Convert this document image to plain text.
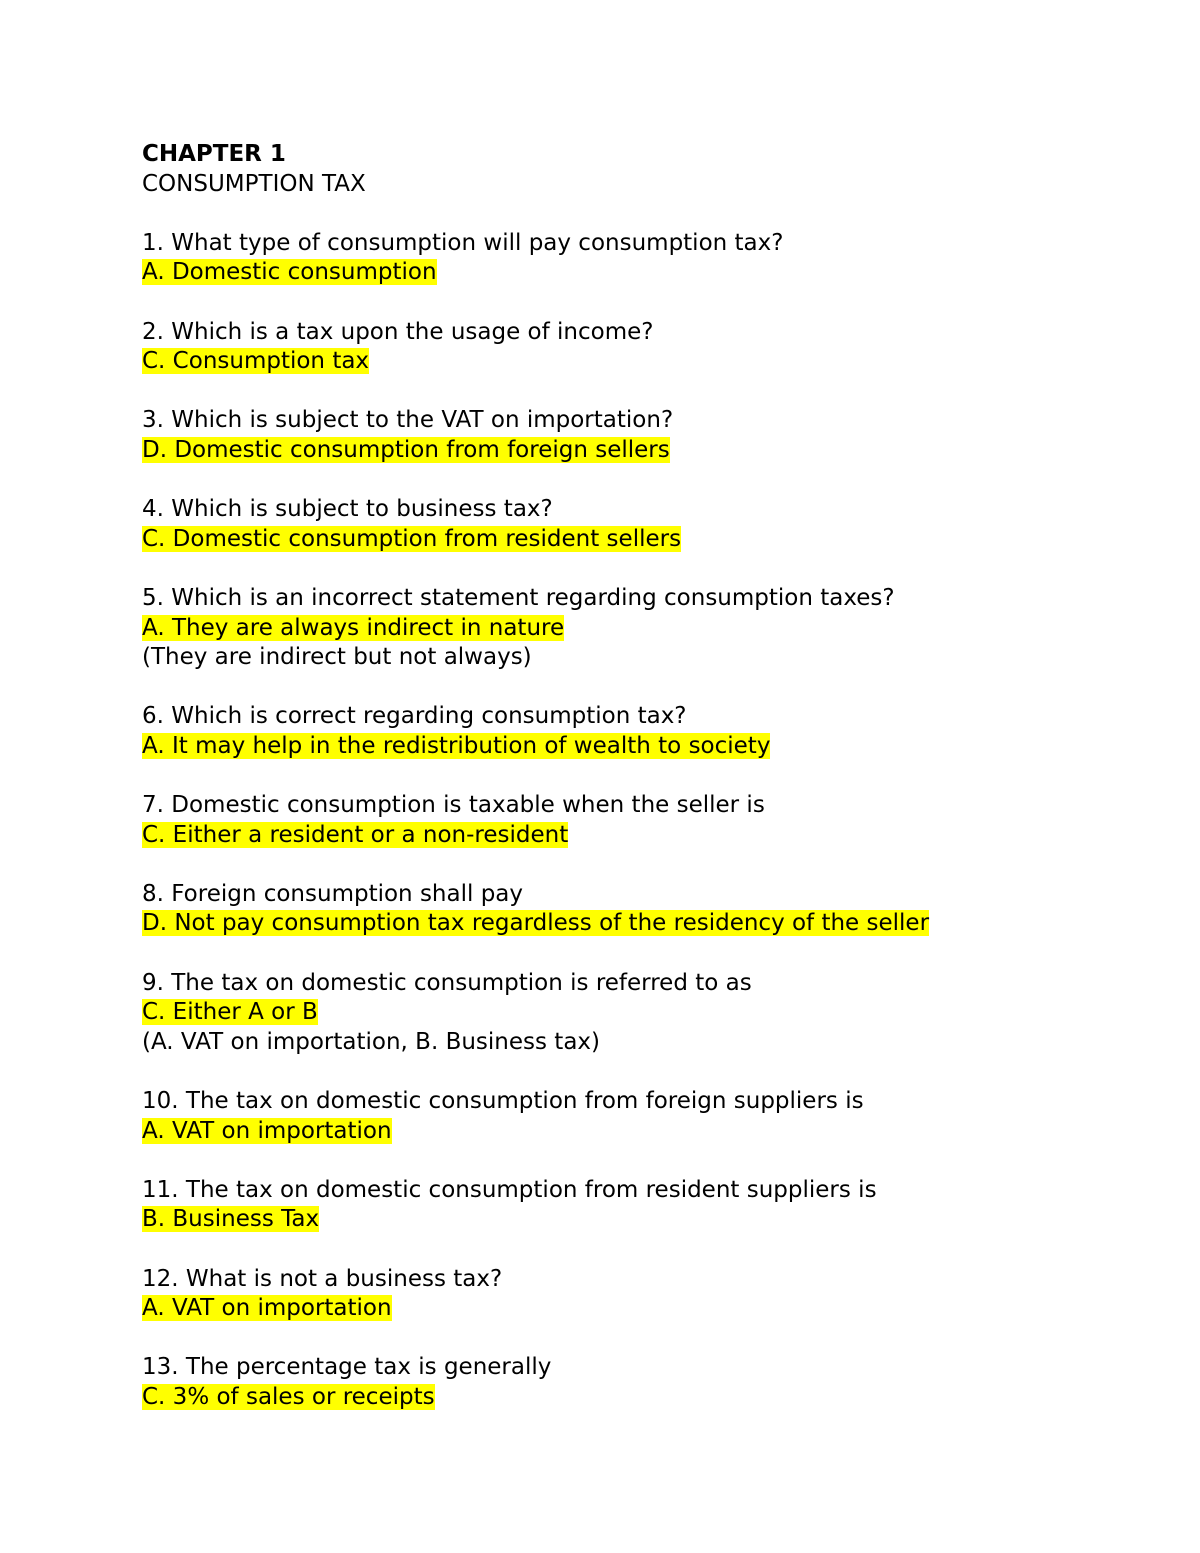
CHAPTER 1

CONSUMPTION TAX

1. What type of consumption will pay consumption tax?

A. Domestic consumption

2. Which is a tax upon the usage of income?

C. Consumption tax

3. Which is subject to the VAT on importation?

D. Domestic consumption from foreign sellers

4. Which is subject to business tax?

C. Domestic consumption from resident sellers

5. Which is an incorrect statement regarding consumption taxes?

A. They are always indirect in nature

(They are indirect but not always)

6. Which is correct regarding consumption tax?

A. It may help in the redistribution of wealth to society

7. Domestic consumption is taxable when the seller is

C. Either a resident or a non-resident

8. Foreign consumption shall pay

D. Not pay consumption tax regardless of the residency of the seller

9. The tax on domestic consumption is referred to as

C. Either A or B

(A. VAT on importation, B. Business tax)

10. The tax on domestic consumption from foreign suppliers is

A. VAT on importation

11. The tax on domestic consumption from resident suppliers is

B. Business Tax

12. What is not a business tax?

A. VAT on importation

13. The percentage tax is generally

C. 3% of sales or receipts
